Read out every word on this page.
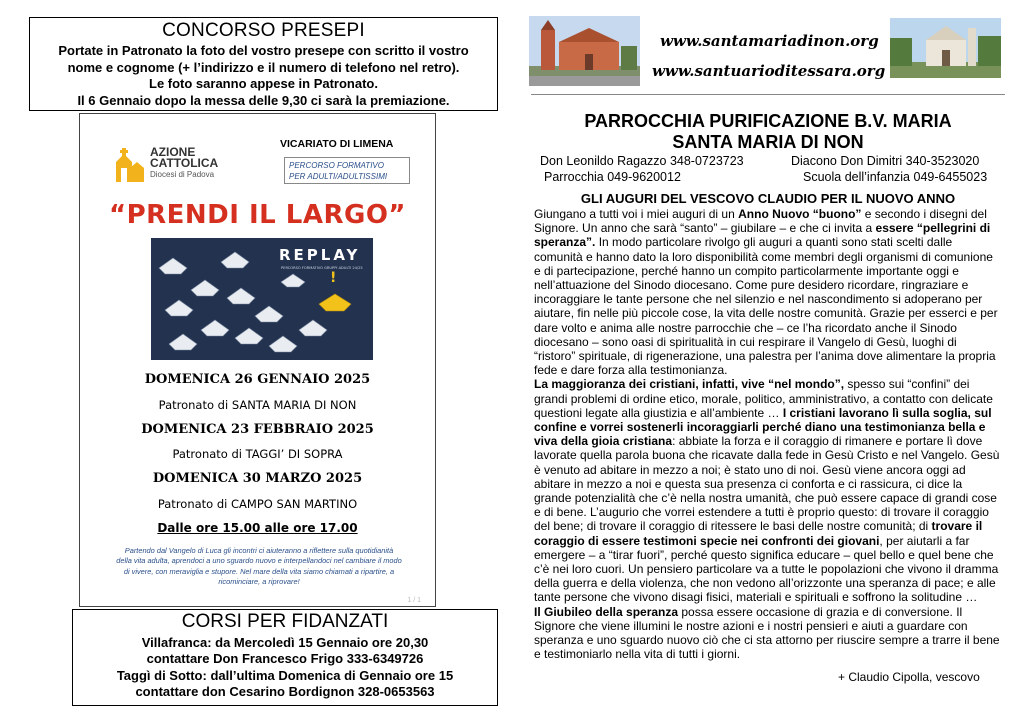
CONCORSO PRESEPI

Portate in Patronato la foto del vostro presepe con scritto il vostro

nome e cognome (+ l’indirizzo e il numero di telefono nel retro).

Le foto saranno appese in Patronato.

Il 6 Gennaio dopo la messa delle 9,30 ci sarà la premiazione.

AZIONE
CATTOLICA
Diocesi di Padova
VICARIATO DI LIMENA
PERCORSO FORMATIVO
PER ADULTI/ADULTISSIMI
“PRENDI IL LARGO”
REPLAY
PERCORSO FORMATIVO GRUPPI ADULTI 24/25
!
DOMENICA 26 GENNAIO 2025
Patronato di SANTA MARIA DI NON
DOMENICA 23 FEBBRAIO 2025
Patronato di TAGGI’ DI SOPRA
DOMENICA 30 MARZO 2025
Patronato di CAMPO SAN MARTINO
Dalle ore 15.00 alle ore 17.00
Partendo dal Vangelo di Luca gli incontri ci aiuteranno a riflettere sulla quotidianità della vita adulta, aprendoci a uno sguardo nuovo e interpellandoci nel cambiare il modo di vivere, con meraviglia e stupore. Nel mare della vita siamo chiamati a ripartire, a ricominciare, a riprovare!
1 / 1
CORSI PER FIDANZATI

Villafranca: da Mercoledì 15 Gennaio ore 20,30

contattare Don Francesco Frigo 333-6349726

Taggì di Sotto: dall’ultima Domenica di Gennaio ore 15

contattare don Cesarino Bordignon 328-0653563

www.santamariadinon.org
www.santuarioditessara.org
PARROCCHIA PURIFICAZIONE B.V. MARIA
SANTA MARIA DI NON
Don Leonildo Ragazzo 348-0723723	Diacono Don Dimitri 340-3523020
Parrocchia 049-9620012	Scuola dell’infanzia 049-6455023
GLI AUGURI DEL VESCOVO CLAUDIO PER IL NUOVO ANNO

Giungano a tutti voi i miei auguri di un Anno Nuovo “buono” e secondo i disegni del Signore. Un anno che sarà “santo” – giubilare – e che ci invita a essere “pellegrini di speranza”. In modo particolare rivolgo gli auguri a quanti sono stati scelti dalle comunità e hanno dato la loro disponibilità come membri degli organismi di comunione e di partecipazione, perché hanno un compito particolarmente importante oggi e nell’attuazione del Sinodo diocesano. Come pure desidero ricordare, ringraziare e incoraggiare le tante persone che nel silenzio e nel nascondimento si adoperano per aiutare, fin nelle più piccole cose, la vita delle nostre comunità. Grazie per esserci e per dare volto e anima alle nostre parrocchie che – ce l’ha ricordato anche il Sinodo diocesano – sono oasi di spiritualità in cui respirare il Vangelo di Gesù, luoghi di “ristoro” spirituale, di rigenerazione, una palestra per l’anima dove alimentare la propria fede e dare forza alla testimonianza.

La maggioranza dei cristiani, infatti, vive “nel mondo”, spesso sui “confini” dei grandi problemi di ordine etico, morale, politico, amministrativo, a contatto con delicate questioni legate alla giustizia e all’ambiente … I cristiani lavorano lì sulla soglia, sul confine e vorrei sostenerli incoraggiarli perché diano una testimonianza bella e viva della gioia cristiana: abbiate la forza e il coraggio di rimanere e portare lì dove lavorate quella parola buona che ricavate dalla fede in Gesù Cristo e nel Vangelo. Gesù è venuto ad abitare in mezzo a noi; è stato uno di noi. Gesù viene ancora oggi ad abitare in mezzo a noi e questa sua presenza ci conforta e ci rassicura, ci dice la grande potenzialità che c’è nella nostra umanità, che può essere capace di grandi cose e di bene. L’augurio che vorrei estendere a tutti è proprio questo: di trovare il coraggio del bene; di trovare il coraggio di ritessere le basi delle nostre comunità; di trovare il coraggio di essere testimoni specie nei confronti dei giovani, per aiutarli a far emergere – a “tirar fuori”, perché questo significa educare – quel bello e quel bene che c’è nei loro cuori. Un pensiero particolare va a tutte le popolazioni che vivono il dramma della guerra e della violenza, che non vedono all’orizzonte una speranza di pace; e alle tante persone che vivono disagi fisici, materiali e spirituali e soffrono la solitudine …

Il Giubileo della speranza possa essere occasione di grazia e di conversione. Il Signore che viene illumini le nostre azioni e i nostri pensieri e aiuti a guardare con speranza e uno sguardo nuovo ciò che ci sta attorno per riuscire sempre a trarre il bene e testimoniarlo nella vita di tutti i giorni.

+ Claudio Cipolla, vescovo
